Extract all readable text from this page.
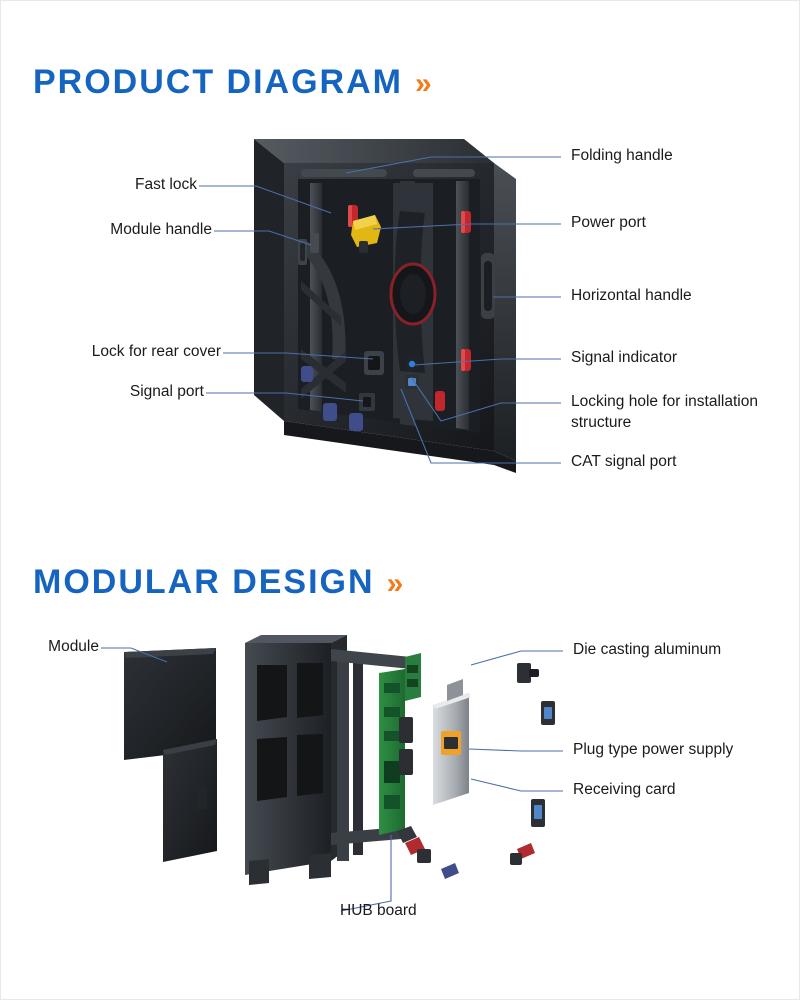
PRODUCT DIAGRAM »
Fast lock
Module handle
Lock for rear cover
Signal port
Folding handle
Power port
Horizontal handle
Signal indicator
Locking hole for installation structure
CAT signal port
MODULAR DESIGN »
Module	Die casting aluminum
Plug type power supply
Receiving card
HUB board
